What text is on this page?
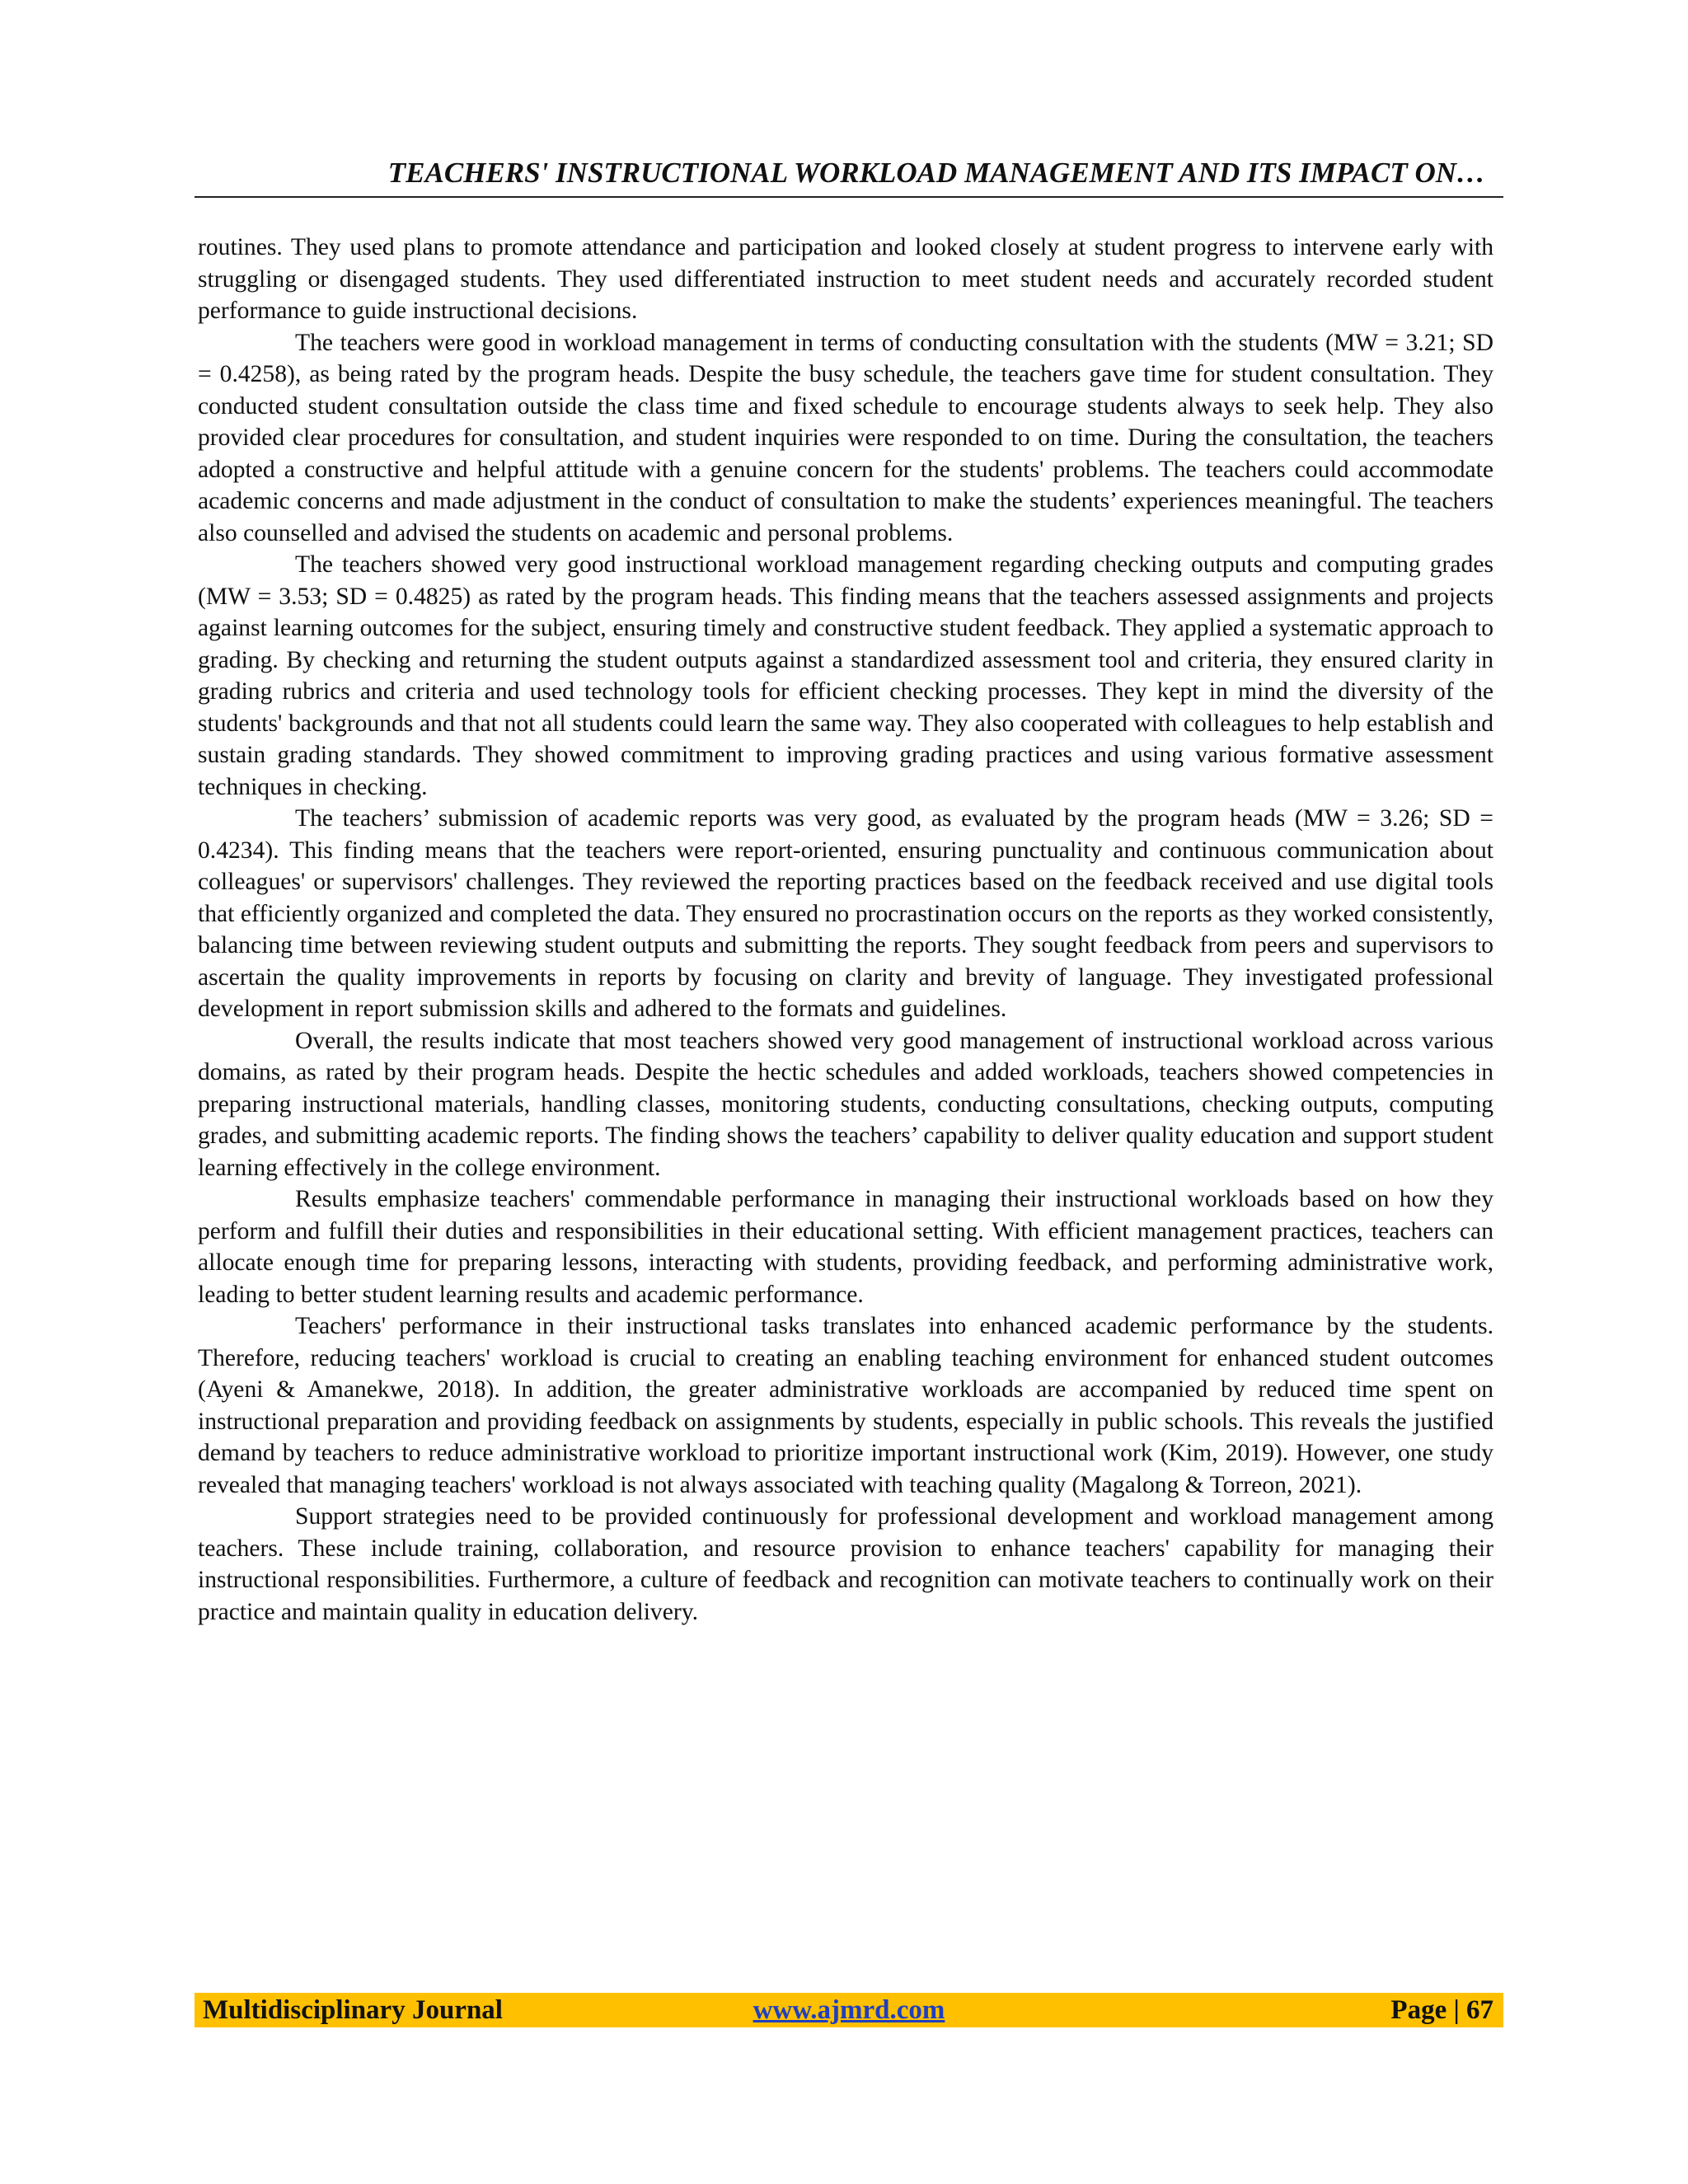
TEACHERS' INSTRUCTIONAL WORKLOAD MANAGEMENT AND ITS IMPACT ON…

routines. They used plans to promote attendance and participation and looked closely at student progress to intervene early with struggling or disengaged students. They used differentiated instruction to meet student needs and accurately recorded student performance to guide instructional decisions.

The teachers were good in workload management in terms of conducting consultation with the students (MW = 3.21; SD = 0.4258), as being rated by the program heads. Despite the busy schedule, the teachers gave time for student consultation. They conducted student consultation outside the class time and fixed schedule to encourage students always to seek help. They also provided clear procedures for consultation, and student inquiries were responded to on time. During the consultation, the teachers adopted a constructive and helpful attitude with a genuine concern for the students' problems. The teachers could accommodate academic concerns and made adjustment in the conduct of consultation to make the students’ experiences meaningful. The teachers also counselled and advised the students on academic and personal problems.

The teachers showed very good instructional workload management regarding checking outputs and computing grades (MW = 3.53; SD = 0.4825) as rated by the program heads. This finding means that the teachers assessed assignments and projects against learning outcomes for the subject, ensuring timely and constructive student feedback. They applied a systematic approach to grading. By checking and returning the student outputs against a standardized assessment tool and criteria, they ensured clarity in grading rubrics and criteria and used technology tools for efficient checking processes. They kept in mind the diversity of the students' backgrounds and that not all students could learn the same way. They also cooperated with colleagues to help establish and sustain grading standards. They showed commitment to improving grading practices and using various formative assessment techniques in checking.

The teachers’ submission of academic reports was very good, as evaluated by the program heads (MW = 3.26; SD = 0.4234). This finding means that the teachers were report-oriented, ensuring punctuality and continuous communication about colleagues' or supervisors' challenges. They reviewed the reporting practices based on the feedback received and use digital tools that efficiently organized and completed the data. They ensured no procrastination occurs on the reports as they worked consistently, balancing time between reviewing student outputs and submitting the reports. They sought feedback from peers and supervisors to ascertain the quality improvements in reports by focusing on clarity and brevity of language. They investigated professional development in report submission skills and adhered to the formats and guidelines.

Overall, the results indicate that most teachers showed very good management of instructional workload across various domains, as rated by their program heads. Despite the hectic schedules and added workloads, teachers showed competencies in preparing instructional materials, handling classes, monitoring students, conducting consultations, checking outputs, computing grades, and submitting academic reports. The finding shows the teachers’ capability to deliver quality education and support student learning effectively in the college environment.

Results emphasize teachers' commendable performance in managing their instructional workloads based on how they perform and fulfill their duties and responsibilities in their educational setting. With efficient management practices, teachers can allocate enough time for preparing lessons, interacting with students, providing feedback, and performing administrative work, leading to better student learning results and academic performance.

Teachers' performance in their instructional tasks translates into enhanced academic performance by the students. Therefore, reducing teachers' workload is crucial to creating an enabling teaching environment for enhanced student outcomes (Ayeni & Amanekwe, 2018). In addition, the greater administrative workloads are accompanied by reduced time spent on instructional preparation and providing feedback on assignments by students, especially in public schools. This reveals the justified demand by teachers to reduce administrative workload to prioritize important instructional work (Kim, 2019). However, one study revealed that managing teachers' workload is not always associated with teaching quality (Magalong & Torreon, 2021).

Support strategies need to be provided continuously for professional development and workload management among teachers. These include training, collaboration, and resource provision to enhance teachers' capability for managing their instructional responsibilities. Furthermore, a culture of feedback and recognition can motivate teachers to continually work on their practice and maintain quality in education delivery.

Multidisciplinary Journal	www.ajmrd.com	Page | 67
